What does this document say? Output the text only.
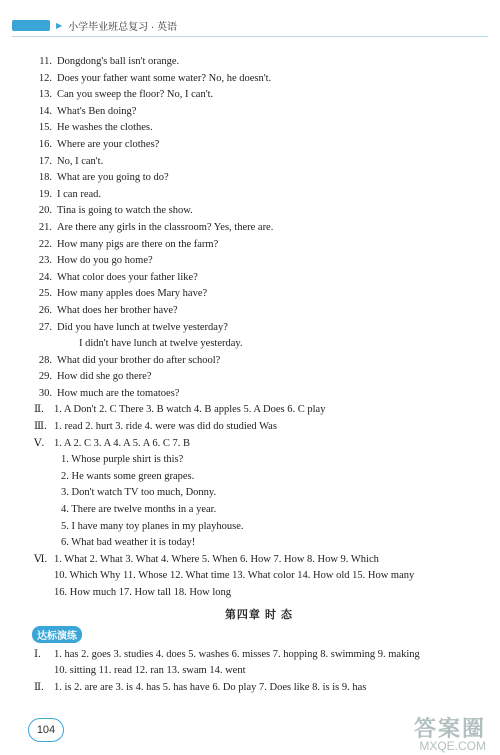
▶ 小学毕业班总复习 · 英语
11. Dongdong's ball isn't orange.
12. Does your father want some water? No, he doesn't.
13. Can you sweep the floor? No, I can't.
14. What's Ben doing?
15. He washes the clothes.
16. Where are your clothes?
17. No, I can't.
18. What are you going to do?
19. I can read.
20. Tina is going to watch the show.
21. Are there any girls in the classroom? Yes, there are.
22. How many pigs are there on the farm?
23. How do you go home?
24. What color does your father like?
25. How many apples does Mary have?
26. What does her brother have?
27. Did you have lunch at twelve yesterday?
I didn't have lunch at twelve yesterday.
28. What did your brother do after school?
29. How did she go there?
30. How much are the tomatoes?
Ⅱ. 1. A Don't 2. C There 3. B watch 4. B apples 5. A Does 6. C play
Ⅲ. 1. read 2. hurt 3. ride 4. were was did do studied Was
Ⅴ. 1. A 2. C 3. A 4. A 5. A 6. C 7. B
1. Whose purple shirt is this?
2. He wants some green grapes.
3. Don't watch TV too much, Donny.
4. There are twelve months in a year.
5. I have many toy planes in my playhouse.
6. What bad weather it is today!
Ⅵ. 1. What 2. What 3. What 4. Where 5. When 6. How 7. How 8. How 9. Which
10. Which Why 11. Whose 12. What time 13. What color 14. How old 15. How many
16. How much 17. How tall 18. How long
第四章 时 态
达标演练
Ⅰ. 1. has 2. goes 3. studies 4. does 5. washes 6. misses 7. hopping 8. swimming 9. making
10. sitting 11. read 12. ran 13. swam 14. went
Ⅱ. 1. is 2. are are 3. is 4. has 5. has have 6. Do play 7. Does like 8. is is 9. has
104	答案圈
MXQE.COM
